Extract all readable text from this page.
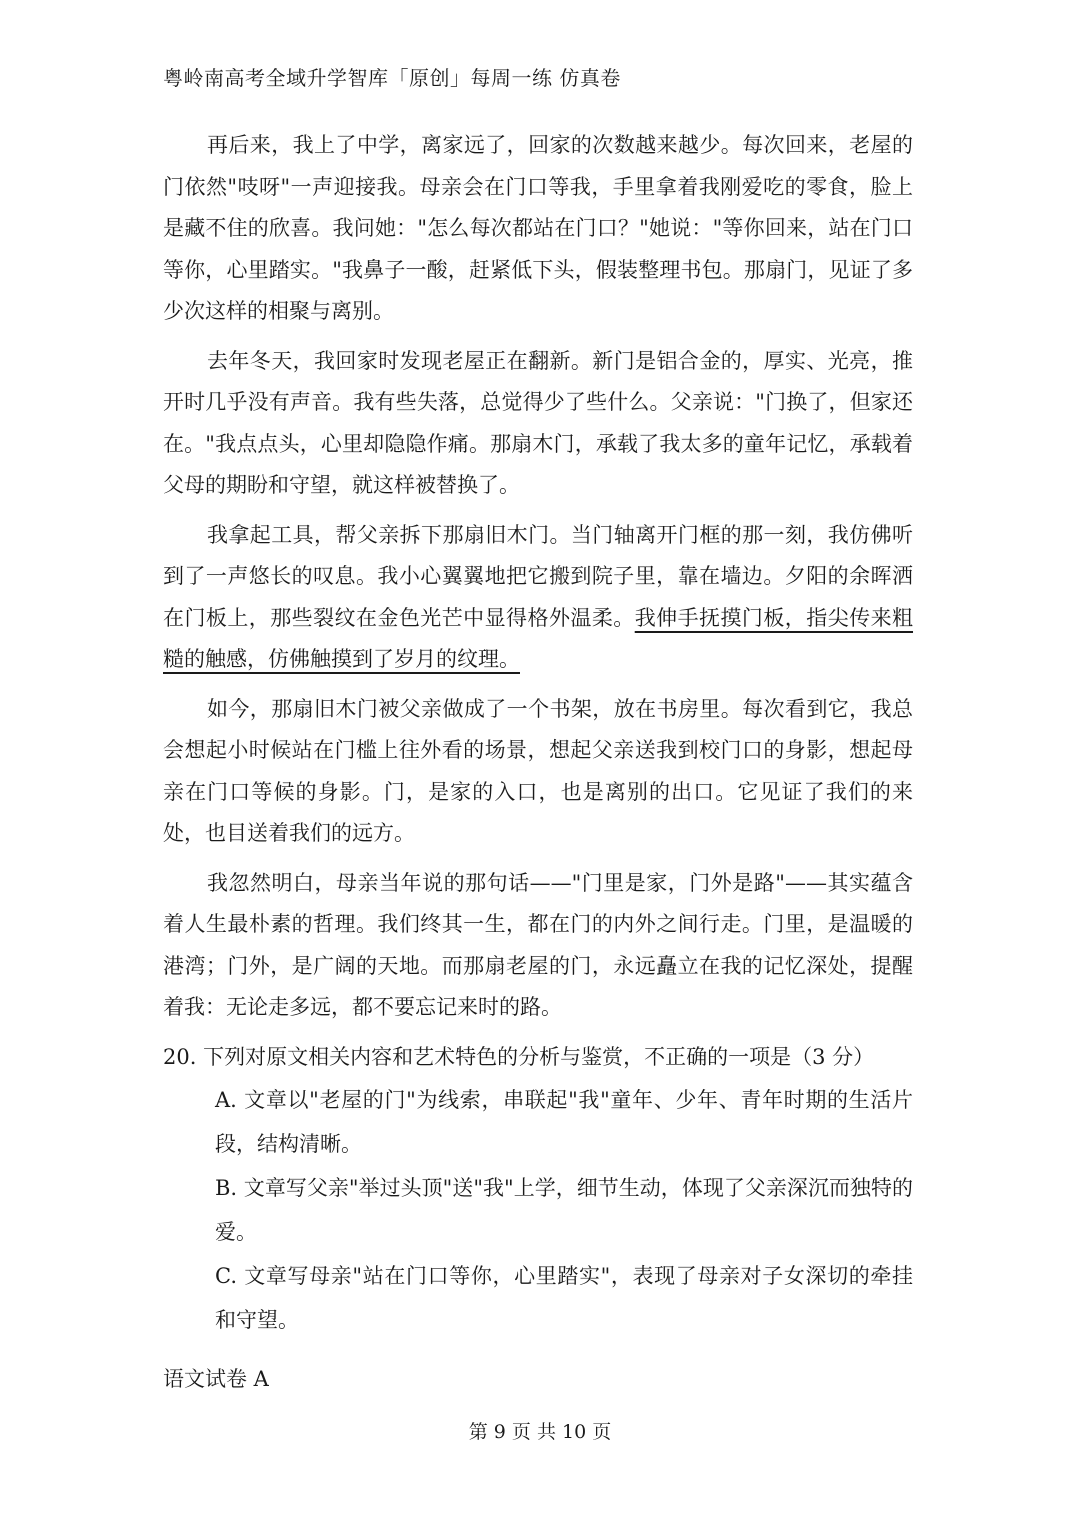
粤岭南高考全域升学智库「原创」每周一练 仿真卷

再后来，我上了中学，离家远了，回家的次数越来越少。每次回来，老屋的门依然"吱呀"一声迎接我。母亲会在门口等我，手里拿着我刚爱吃的零食，脸上是藏不住的欣喜。我问她："怎么每次都站在门口？"她说："等你回来，站在门口等你，心里踏实。"我鼻子一酸，赶紧低下头，假装整理书包。那扇门，见证了多少次这样的相聚与离别。

去年冬天，我回家时发现老屋正在翻新。新门是铝合金的，厚实、光亮，推开时几乎没有声音。我有些失落，总觉得少了些什么。父亲说："门换了，但家还在。"我点点头，心里却隐隐作痛。那扇木门，承载了我太多的童年记忆，承载着父母的期盼和守望，就这样被替换了。

我拿起工具，帮父亲拆下那扇旧木门。当门轴离开门框的那一刻，我仿佛听到了一声悠长的叹息。我小心翼翼地把它搬到院子里，靠在墙边。夕阳的余晖洒在门板上，那些裂纹在金色光芒中显得格外温柔。我伸手抚摸门板，指尖传来粗糙的触感，仿佛触摸到了岁月的纹理。

如今，那扇旧木门被父亲做成了一个书架，放在书房里。每次看到它，我总会想起小时候站在门槛上往外看的场景，想起父亲送我到校门口的身影，想起母亲在门口等候的身影。门，是家的入口，也是离别的出口。它见证了我们的来处，也目送着我们的远方。

我忽然明白，母亲当年说的那句话——"门里是家，门外是路"——其实蕴含着人生最朴素的哲理。我们终其一生，都在门的内外之间行走。门里，是温暖的港湾；门外，是广阔的天地。而那扇老屋的门，永远矗立在我的记忆深处，提醒着我：无论走多远，都不要忘记来时的路。

20. 下列对原文相关内容和艺术特色的分析与鉴赏，不正确的一项是（3 分）

A. 文章以"老屋的门"为线索，串联起"我"童年、少年、青年时期的生活片段，结构清晰。

B. 文章写父亲"举过头顶"送"我"上学，细节生动，体现了父亲深沉而独特的爱。

C. 文章写母亲"站在门口等你，心里踏实"，表现了母亲对子女深切的牵挂和守望。

语文试卷 A
第 9 页 共 10 页
